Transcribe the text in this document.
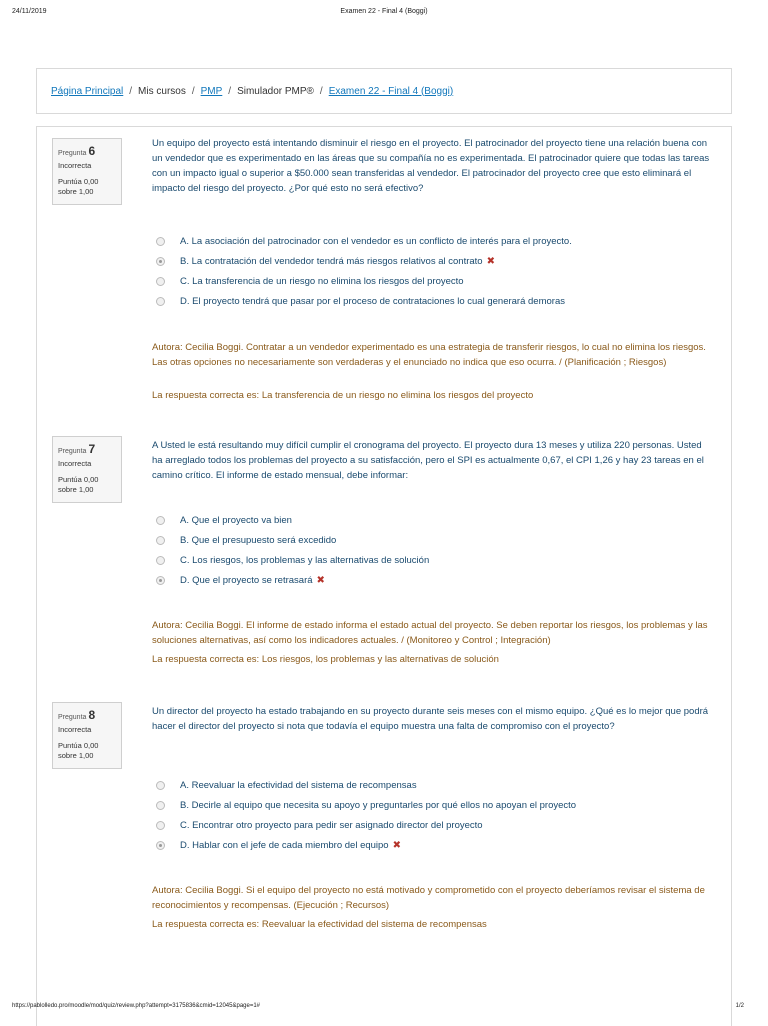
24/11/2019	Examen 22 - Final 4 (Boggi)
Página Principal / Mis cursos / PMP / Simulador PMP® / Examen 22 - Final 4 (Boggi)
Pregunta 6
Incorrecta
Puntúa 0,00
sobre 1,00
Un equipo del proyecto está intentando disminuir el riesgo en el proyecto. El patrocinador del proyecto tiene una relación buena con un vendedor que es experimentado en las áreas que su compañía no es experimentada. El patrocinador quiere que todas las tareas con un impacto igual o superior a $50.000 sean transferidas al vendedor. El patrocinador del proyecto cree que esto eliminará el impacto del riesgo del proyecto. ¿Por qué esto no será efectivo?
A. La asociación del patrocinador con el vendedor es un conflicto de interés para el proyecto.
B. La contratación del vendedor tendrá más riesgos relativos al contrato ✖
C. La transferencia de un riesgo no elimina los riesgos del proyecto
D. El proyecto tendrá que pasar por el proceso de contrataciones lo cual generará demoras
Autora: Cecilia Boggi. Contratar a un vendedor experimentado es una estrategia de transferir riesgos, lo cual no elimina los riesgos. Las otras opciones no necesariamente son verdaderas y el enunciado no indica que eso ocurra. / (Planificación ; Riesgos)
La respuesta correcta es: La transferencia de un riesgo no elimina los riesgos del proyecto
Pregunta 7
Incorrecta
Puntúa 0,00
sobre 1,00
A Usted le está resultando muy difícil cumplir el cronograma del proyecto. El proyecto dura 13 meses y utiliza 220 personas. Usted ha arreglado todos los problemas del proyecto a su satisfacción, pero el SPI es actualmente 0,67, el CPI 1,26 y hay 23 tareas en el camino crítico. El informe de estado mensual, debe informar:
A. Que el proyecto va bien
B. Que el presupuesto será excedido
C. Los riesgos, los problemas y las alternativas de solución
D. Que el proyecto se retrasará ✖
Autora: Cecilia Boggi. El informe de estado informa el estado actual del proyecto. Se deben reportar los riesgos, los problemas y las soluciones alternativas, así como los indicadores actuales. / (Monitoreo y Control ; Integración)
La respuesta correcta es: Los riesgos, los problemas y las alternativas de solución
Pregunta 8
Incorrecta
Puntúa 0,00
sobre 1,00
Un director del proyecto ha estado trabajando en su proyecto durante seis meses con el mismo equipo. ¿Qué es lo mejor que podrá hacer el director del proyecto si nota que todavía el equipo muestra una falta de compromiso con el proyecto?
A. Reevaluar la efectividad del sistema de recompensas
B. Decirle al equipo que necesita su apoyo y preguntarles por qué ellos no apoyan el proyecto
C. Encontrar otro proyecto para pedir ser asignado director del proyecto
D. Hablar con el jefe de cada miembro del equipo ✖
Autora: Cecilia Boggi. Si el equipo del proyecto no está motivado y comprometido con el proyecto deberíamos revisar el sistema de reconocimientos y recompensas. (Ejecución ; Recursos)
La respuesta correcta es: Reevaluar la efectividad del sistema de recompensas
https://pablolledo.pro/moodle/mod/quiz/review.php?attempt=3175836&cmid=12045&page=1#	1/2
